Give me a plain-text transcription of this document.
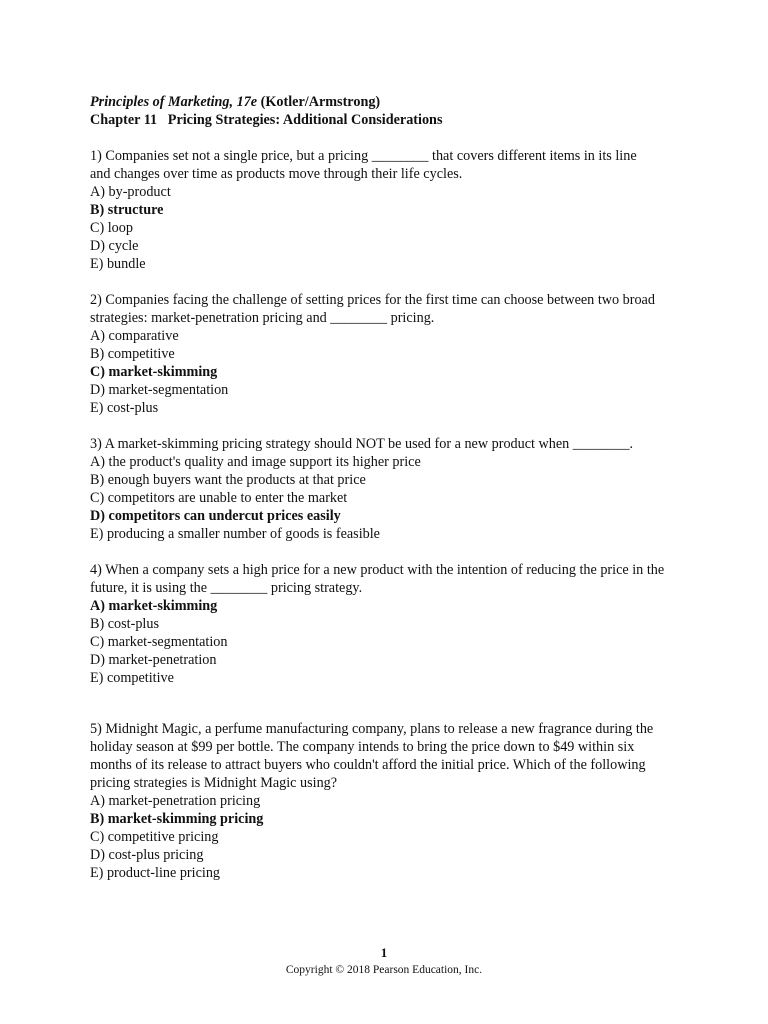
Principles of Marketing, 17e (Kotler/Armstrong)

Chapter 11   Pricing Strategies: Additional Considerations

1) Companies set not a single price, but a pricing ________ that covers different items in its line and changes over time as products move through their life cycles.

A) by-product

B) structure

C) loop

D) cycle

E) bundle

2) Companies facing the challenge of setting prices for the first time can choose between two broad strategies: market-penetration pricing and ________ pricing.

A) comparative

B) competitive

C) market-skimming

D) market-segmentation

E) cost-plus

3) A market-skimming pricing strategy should NOT be used for a new product when ________.

A) the product's quality and image support its higher price

B) enough buyers want the products at that price

C) competitors are unable to enter the market

D) competitors can undercut prices easily

E) producing a smaller number of goods is feasible

4) When a company sets a high price for a new product with the intention of reducing the price in the future, it is using the ________ pricing strategy.

A) market-skimming

B) cost-plus

C) market-segmentation

D) market-penetration

E) competitive

5) Midnight Magic, a perfume manufacturing company, plans to release a new fragrance during the holiday season at $99 per bottle. The company intends to bring the price down to $49 within six months of its release to attract buyers who couldn't afford the initial price. Which of the following pricing strategies is Midnight Magic using?

A) market-penetration pricing

B) market-skimming pricing

C) competitive pricing

D) cost-plus pricing

E) product-line pricing

1
Copyright © 2018 Pearson Education, Inc.
